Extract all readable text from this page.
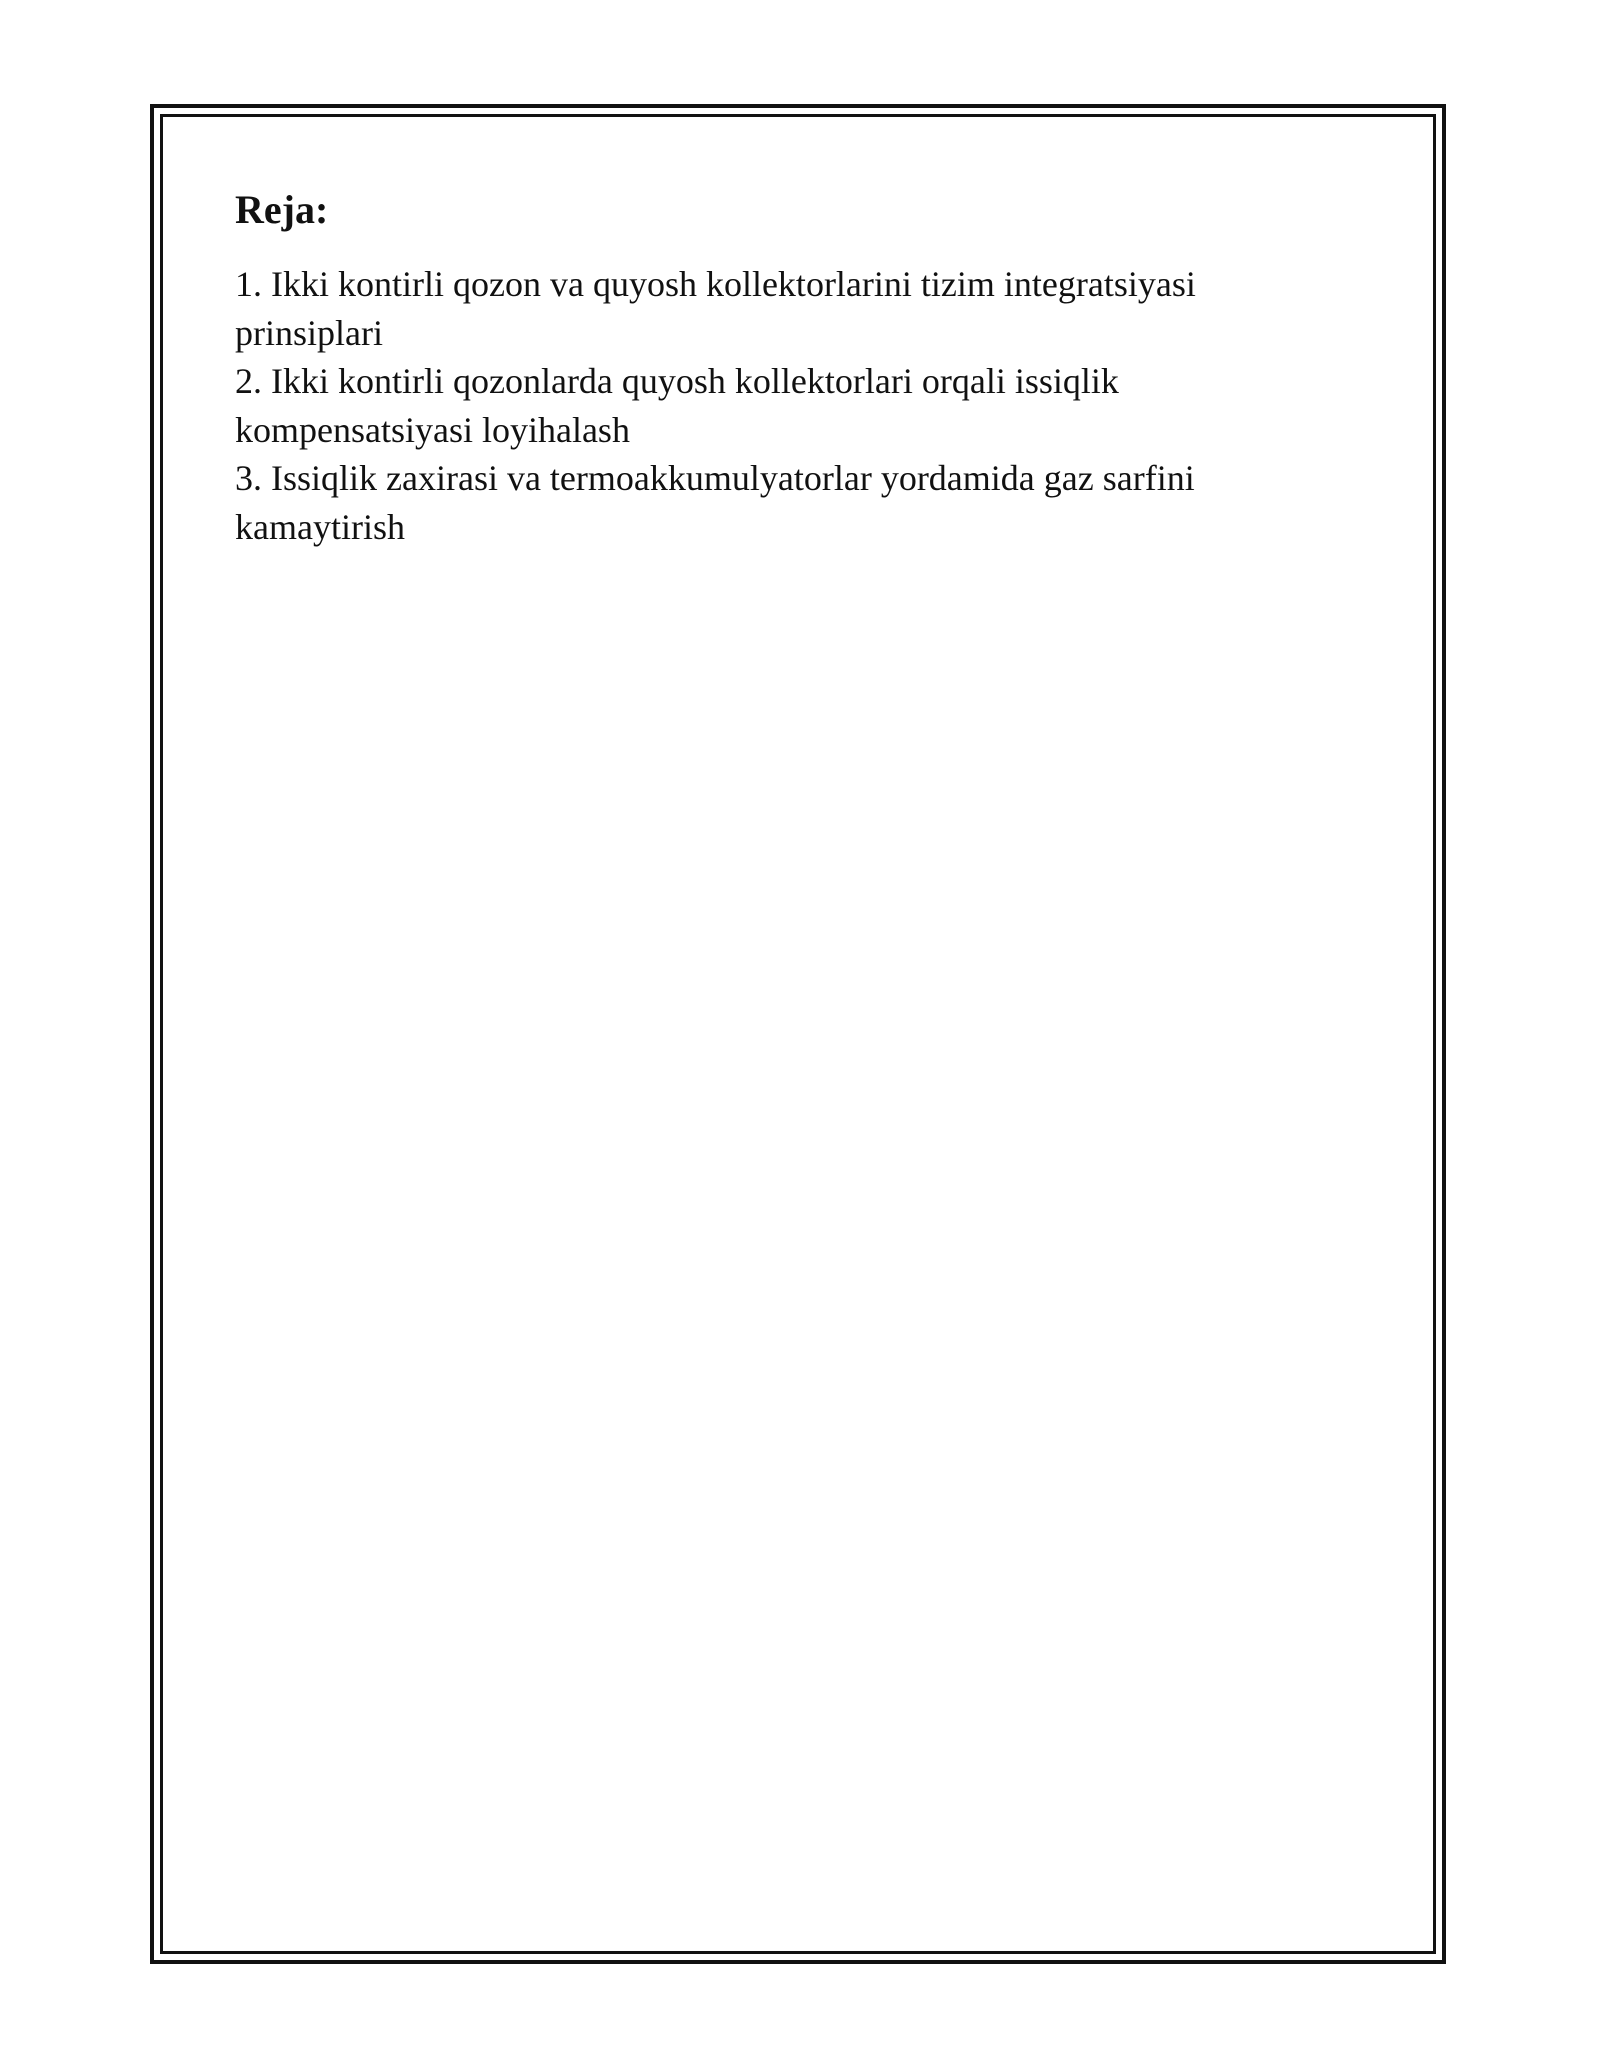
Reja:
1. Ikki kontirli qozon va quyosh kollektorlarini tizim integratsiyasi prinsiplari
2. Ikki kontirli qozonlarda quyosh kollektorlari orqali issiqlik kompensatsiyasi loyihalash
3. Issiqlik zaxirasi va termoakkumulyatorlar yordamida gaz sarfini kamaytirish
